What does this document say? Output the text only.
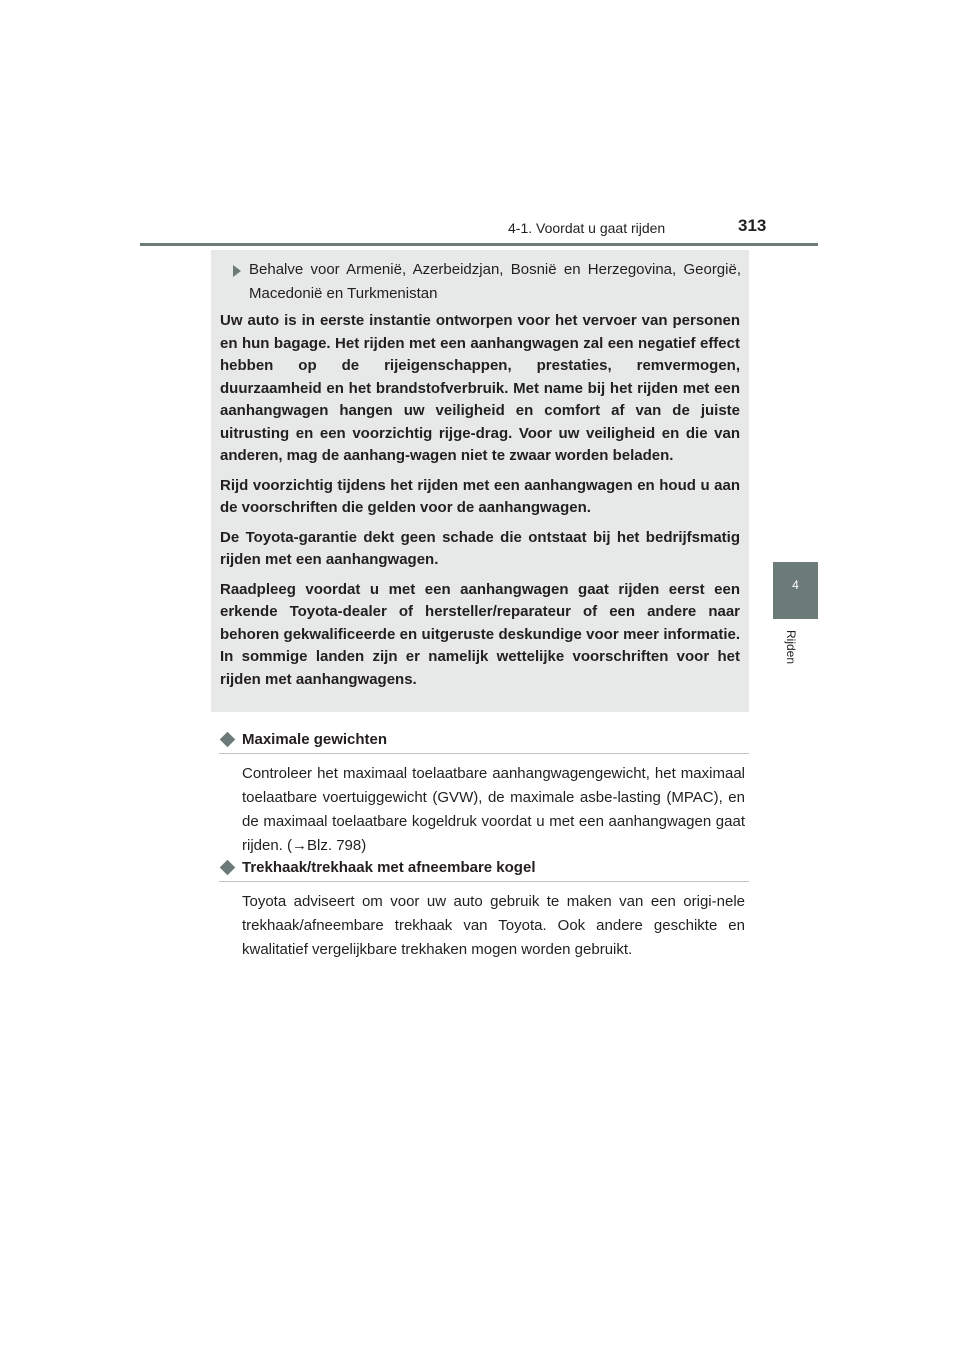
4-1. Voordat u gaat rijden	313
4
Rijden
Behalve voor Armenië, Azerbeidzjan, Bosnië en Herzegovina, Georgië, Macedonië en Turkmenistan

Uw auto is in eerste instantie ontworpen voor het vervoer van personen en hun bagage. Het rijden met een aanhangwagen zal een negatief effect hebben op de rijeigenschappen, prestaties, remvermogen, duurzaamheid en het brandstofverbruik. Met name bij het rijden met een aanhangwagen hangen uw veiligheid en comfort af van de juiste uitrusting en een voorzichtig rijge-drag. Voor uw veiligheid en die van anderen, mag de aanhang-wagen niet te zwaar worden beladen.

Rijd voorzichtig tijdens het rijden met een aanhangwagen en houd u aan de voorschriften die gelden voor de aanhangwagen.

De Toyota-garantie dekt geen schade die ontstaat bij het bedrijfsmatig rijden met een aanhangwagen.

Raadpleeg voordat u met een aanhangwagen gaat rijden eerst een erkende Toyota-dealer of hersteller/reparateur of een andere naar behoren gekwalificeerde en uitgeruste deskundige voor meer informatie. In sommige landen zijn er namelijk wettelijke voorschriften voor het rijden met aanhangwagens.

Maximale gewichten

Controleer het maximaal toelaatbare aanhangwagengewicht, het maximaal toelaatbare voertuiggewicht (GVW), de maximale asbe-lasting (MPAC), en de maximaal toelaatbare kogeldruk voordat u met een aanhangwagen gaat rijden. (→Blz. 798)

Trekhaak/trekhaak met afneembare kogel

Toyota adviseert om voor uw auto gebruik te maken van een origi-nele trekhaak/afneembare trekhaak van Toyota. Ook andere geschikte en kwalitatief vergelijkbare trekhaken mogen worden gebruikt.
